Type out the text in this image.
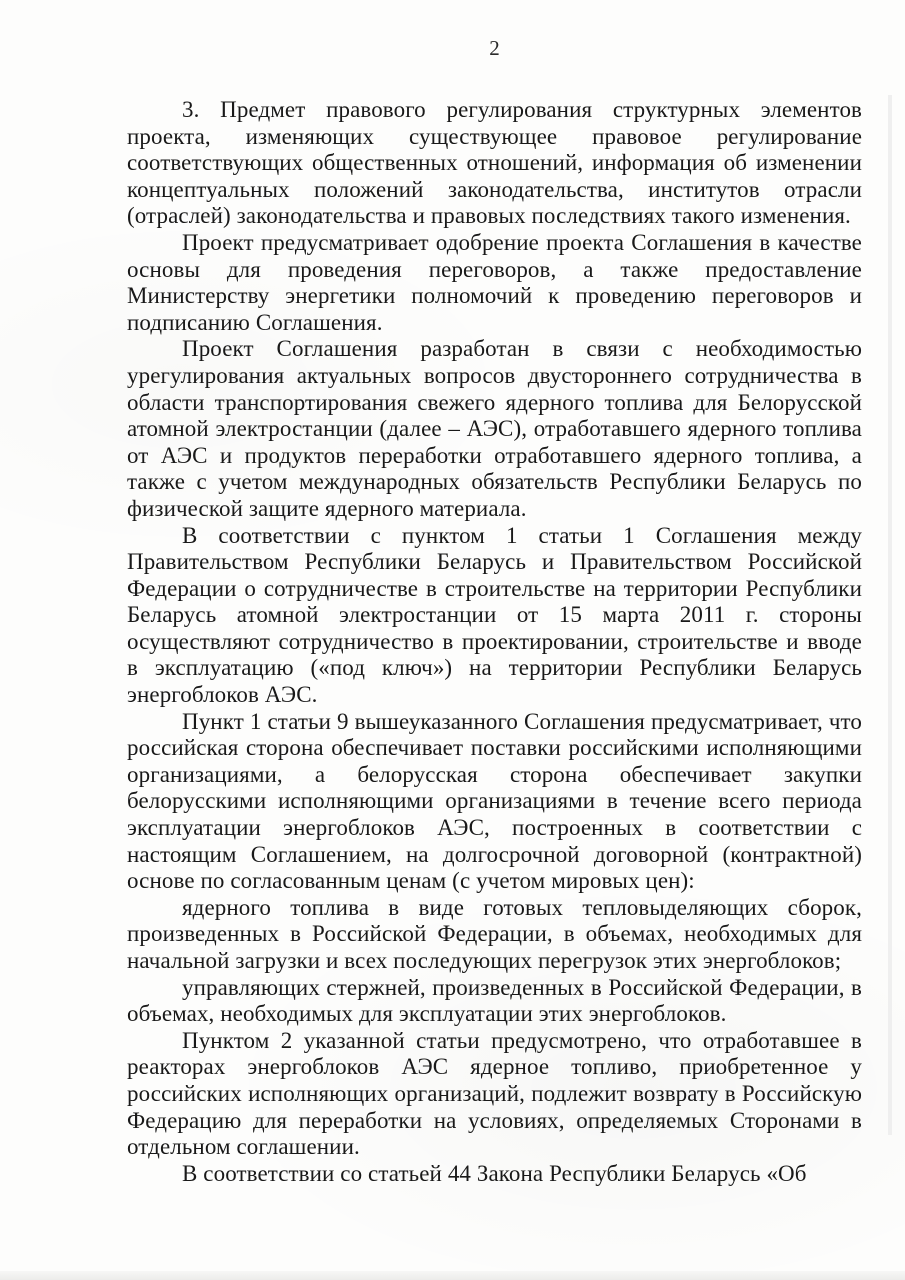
2

3. Предмет правового регулирования структурных элементов проекта, изменяющих существующее правовое регулирование соответствующих общественных отношений, информация об изменении концептуальных положений законодательства, институтов отрасли (отраслей) законодательства и правовых последствиях такого изменения.

Проект предусматривает одобрение проекта Соглашения в качестве основы для проведения переговоров, а также предоставление Министерству энергетики полномочий к проведению переговоров и подписанию Соглашения.

Проект Соглашения разработан в связи с необходимостью урегулирования актуальных вопросов двустороннего сотрудничества в области транспортирования свежего ядерного топлива для Белорусской атомной электростанции (далее – АЭС), отработавшего ядерного топлива от АЭС и продуктов переработки отработавшего ядерного топлива, а также с учетом международных обязательств Республики Беларусь по физической защите ядерного материала.

В соответствии с пунктом 1 статьи 1 Соглашения между Правительством Республики Беларусь и Правительством Российской Федерации о сотрудничестве в строительстве на территории Республики Беларусь атомной электростанции от 15 марта 2011 г. стороны осуществляют сотрудничество в проектировании, строительстве и вводе в эксплуатацию («под ключ») на территории Республики Беларусь энергоблоков АЭС.

Пункт 1 статьи 9 вышеуказанного Соглашения предусматривает, что российская сторона обеспечивает поставки российскими исполняющими организациями, а белорусская сторона обеспечивает закупки белорусскими исполняющими организациями в течение всего периода эксплуатации энергоблоков АЭС, построенных в соответствии с настоящим Соглашением, на долгосрочной договорной (контрактной) основе по согласованным ценам (с учетом мировых цен):

ядерного топлива в виде готовых тепловыделяющих сборок, произведенных в Российской Федерации, в объемах, необходимых для начальной загрузки и всех последующих перегрузок этих энергоблоков;

управляющих стержней, произведенных в Российской Федерации, в объемах, необходимых для эксплуатации этих энергоблоков.

Пунктом 2 указанной статьи предусмотрено, что отработавшее в реакторах энергоблоков АЭС ядерное топливо, приобретенное у российских исполняющих организаций, подлежит возврату в Российскую Федерацию для переработки на условиях, определяемых Сторонами в отдельном соглашении.

В соответствии со статьей 44 Закона Республики Беларусь «Об
